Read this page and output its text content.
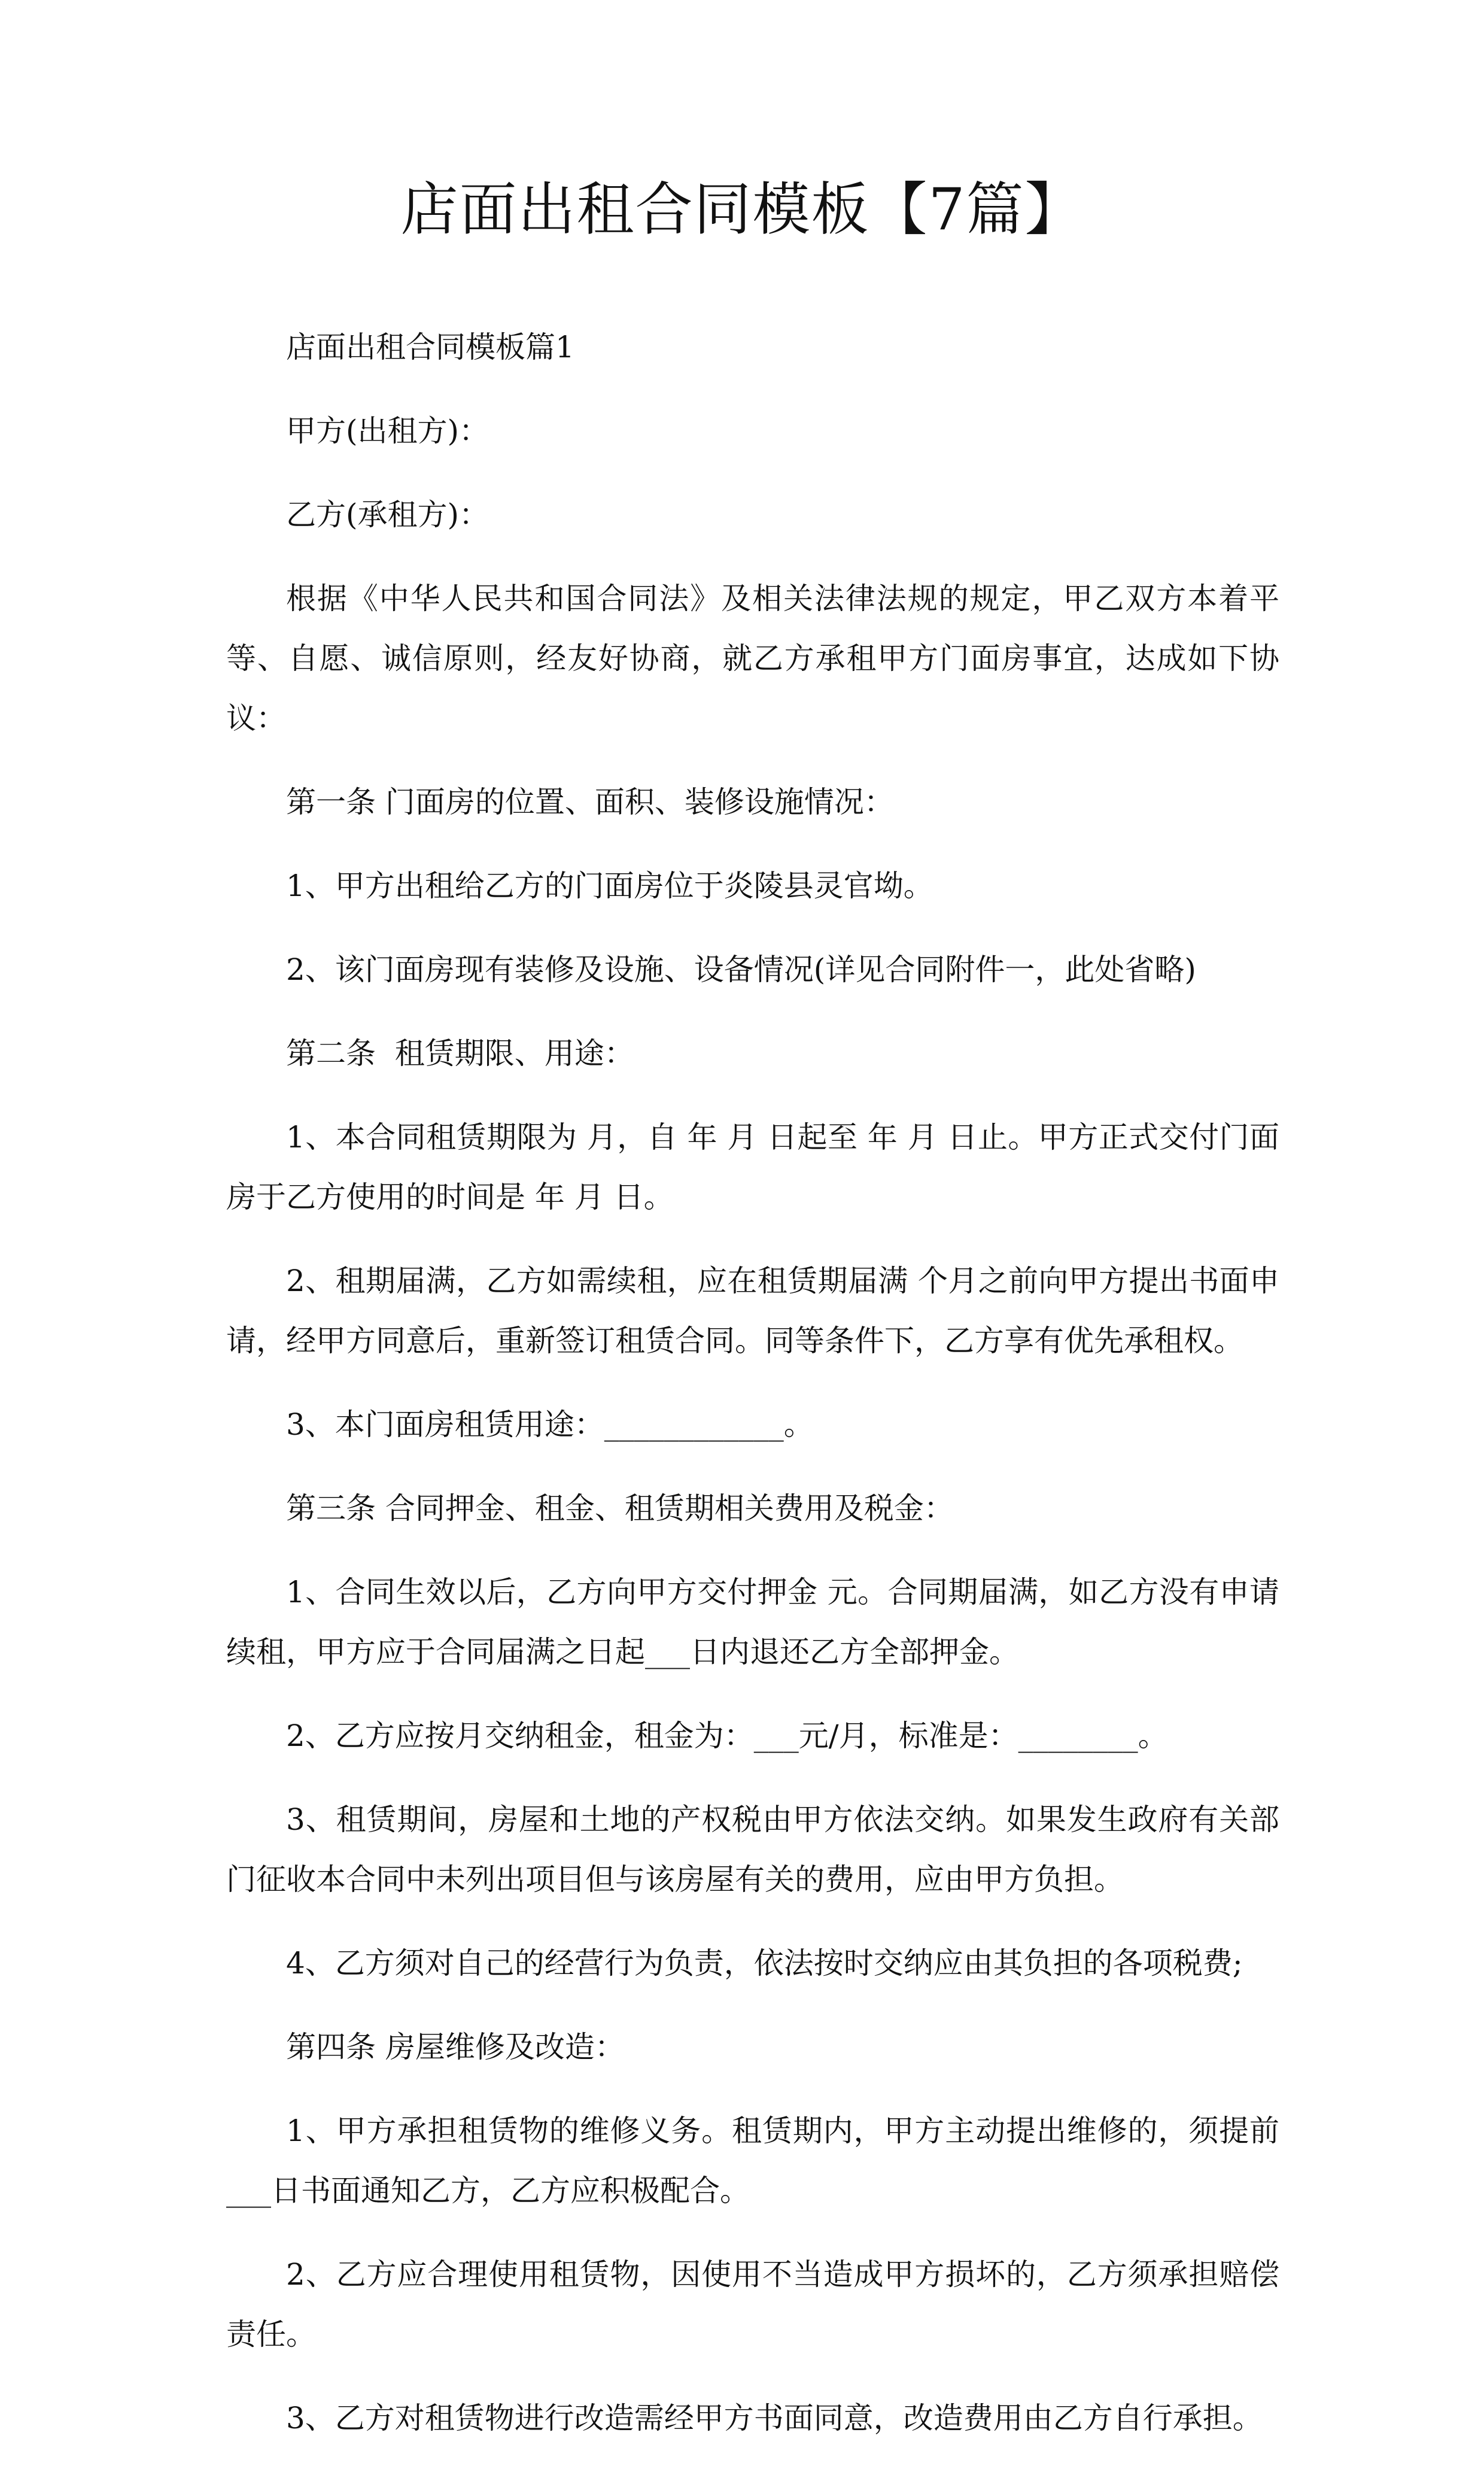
店面出租合同模板【7篇】

店面出租合同模板篇1

甲方(出租方)：

乙方(承租方)：

根据《中华人民共和国合同法》及相关法律法规的规定，甲乙双方本着平等、自愿、诚信原则，经友好协商，就乙方承租甲方门面房事宜，达成如下协议：

第一条 门面房的位置、面积、装修设施情况：

1、甲方出租给乙方的门面房位于炎陵县灵官坳。

2、该门面房现有装修及设施、设备情况(详见合同附件一，此处省略)

第二条  租赁期限、用途：

1、本合同租赁期限为 月，自 年 月 日起至 年 月 日止。甲方正式交付门面房于乙方使用的时间是 年 月 日。

2、租期届满，乙方如需续租，应在租赁期届满 个月之前向甲方提出书面申请，经甲方同意后，重新签订租赁合同。同等条件下，乙方享有优先承租权。

3、本门面房租赁用途：____________。

第三条 合同押金、租金、租赁期相关费用及税金：

1、合同生效以后，乙方向甲方交付押金 元。合同期届满，如乙方没有申请续租，甲方应于合同届满之日起___日内退还乙方全部押金。

2、乙方应按月交纳租金，租金为：___元/月，标准是：________。

3、租赁期间，房屋和土地的产权税由甲方依法交纳。如果发生政府有关部门征收本合同中未列出项目但与该房屋有关的费用，应由甲方负担。

4、乙方须对自己的经营行为负责，依法按时交纳应由其负担的各项税费;

第四条 房屋维修及改造：

1、甲方承担租赁物的维修义务。租赁期内，甲方主动提出维修的，须提前___日书面通知乙方，乙方应积极配合。

2、乙方应合理使用租赁物，因使用不当造成甲方损坏的，乙方须承担赔偿责任。

3、乙方对租赁物进行改造需经甲方书面同意，改造费用由乙方自行承担。
